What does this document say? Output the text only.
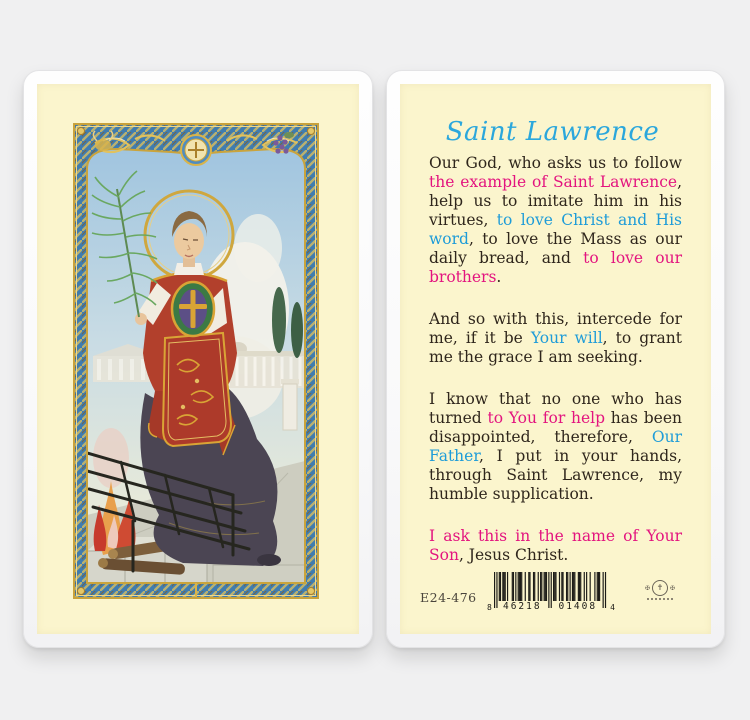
Saint Lawrence

Our God, who asks us to follow the example of Saint Lawrence, help us to imitate him in his virtues, to love Christ and His word, to love the Mass as our daily bread, and to love our brothers.

And so with this, intercede for me, if it be Your will, to grant me the grace I am seeking.

I know that no one who has turned to You for help has been disappointed, therefore, Our Father, I put in your hands, through Saint Lawrence, my humble supplication.

I ask this in the name of Your Son, Jesus Christ.

E24-476
8 46218 01408 4
✠ ✝	✠
